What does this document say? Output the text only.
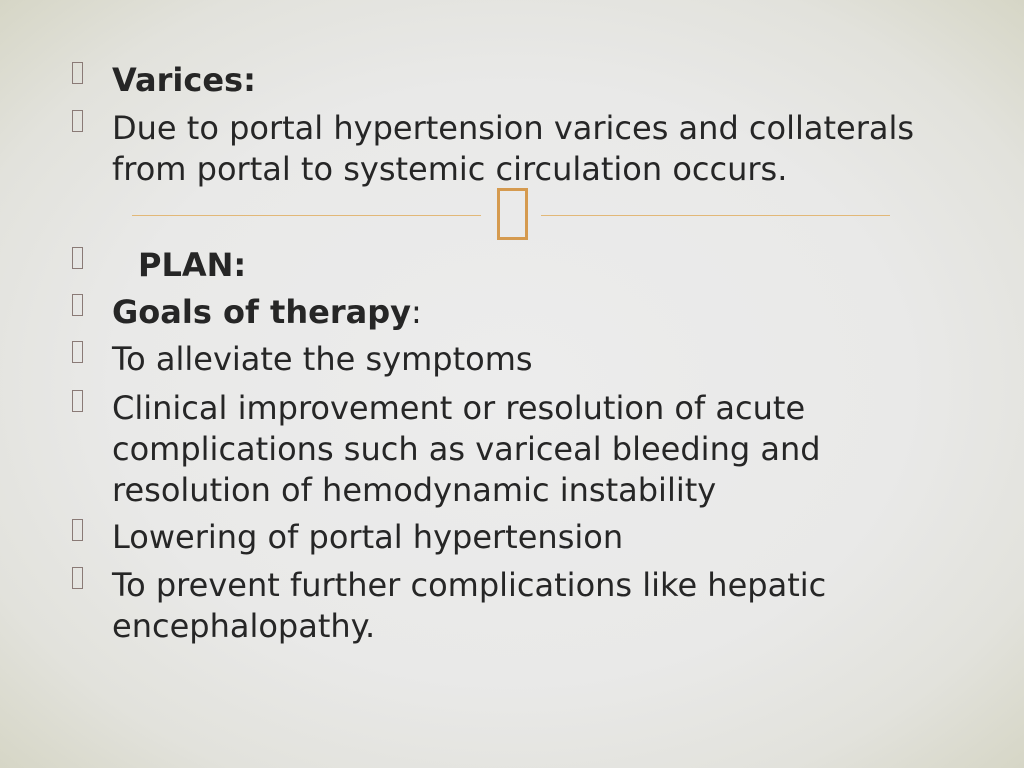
Varices:
Due to portal hypertension varices and collaterals from portal to systemic circulation occurs.
PLAN:
Goals of therapy:
To alleviate the symptoms
Clinical improvement or resolution of acute complications such as variceal bleeding and resolution of hemodynamic instability
Lowering of portal hypertension
To prevent further complications like hepatic encephalopathy.
